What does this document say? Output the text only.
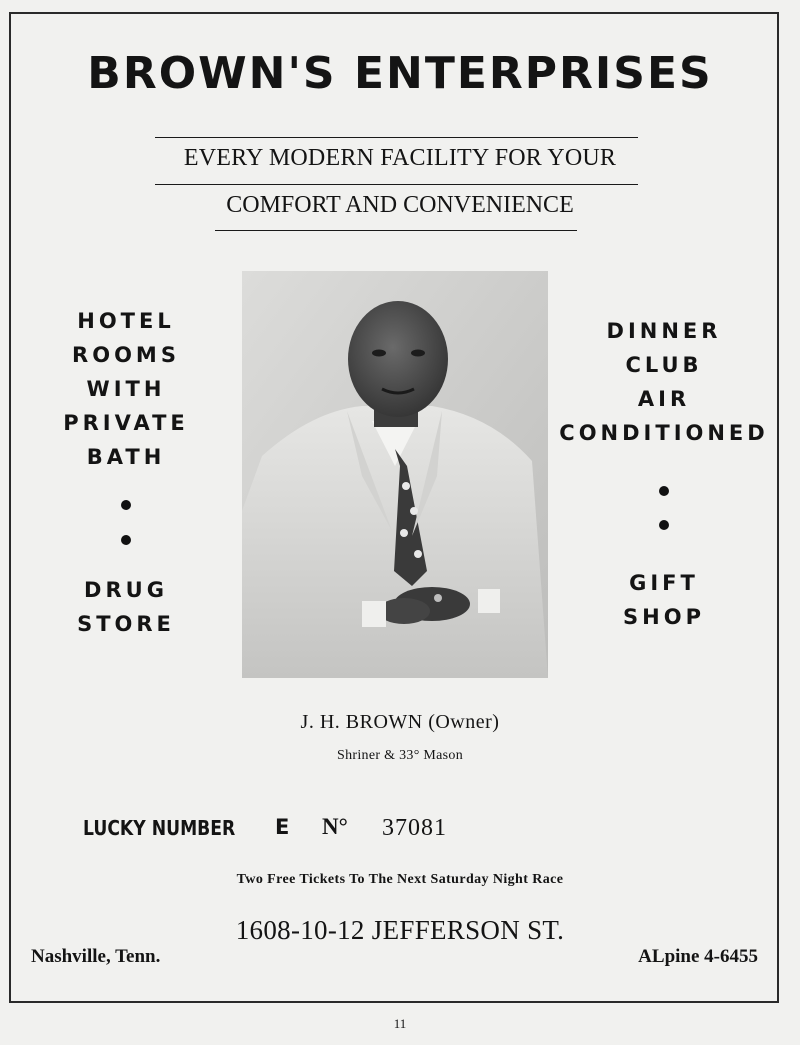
BROWN'S ENTERPRISES
EVERY MODERN FACILITY FOR YOUR
COMFORT AND CONVENIENCE
HOTEL
ROOMS
WITH
PRIVATE
BATH
DRUG
STORE
DINNER
CLUB
AIR
CONDITIONED
GIFT
SHOP
J. H. BROWN (Owner)
Shriner & 33° Mason
LUCKY NUMBER E N° 37081
Two Free Tickets To The Next Saturday Night Race
1608-10-12 JEFFERSON ST.
Nashville, Tenn.	ALpine 4-6455
11
